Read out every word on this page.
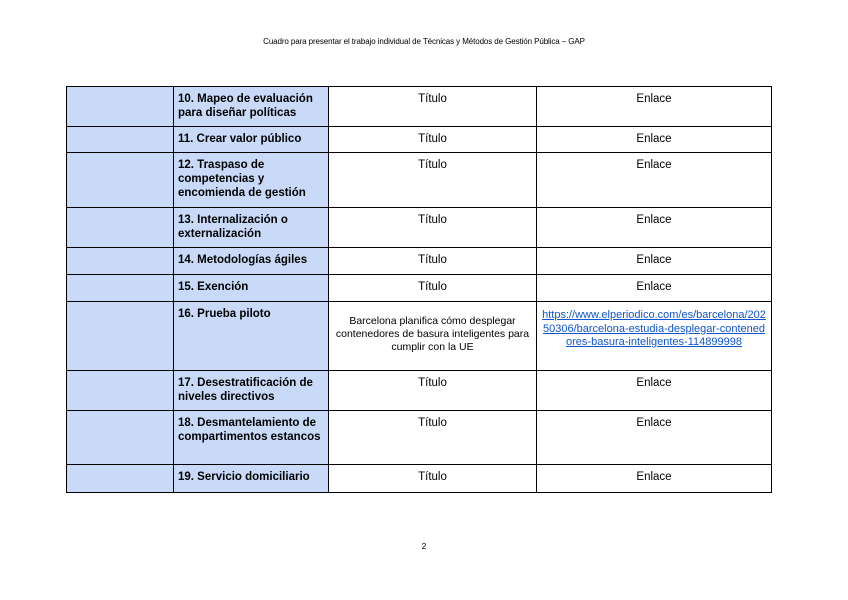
Cuadro para presentar el trabajo individual de Técnicas y Métodos de Gestión Pública – GAP
	10. Mapeo de evaluación para diseñar políticas	Título	Enlace
	11. Crear valor público	Título	Enlace
	12. Traspaso de competencias y encomienda de gestión	Título	Enlace
	13. Internalización o externalización	Título	Enlace
	14. Metodologías ágiles	Título	Enlace
	15. Exención	Título	Enlace
	16. Prueba piloto	Barcelona planifica cómo desplegar contenedores de basura inteligentes para cumplir con la UE	https://www.elperiodico.com/es/barcelona/20250306/barcelona-estudia-desplegar-contenedores-basura-inteligentes-114899998
	17. Desestratificación de niveles directivos	Título	Enlace
	18. Desmantelamiento de compartimentos estancos	Título	Enlace
	19. Servicio domiciliario	Título	Enlace
2
